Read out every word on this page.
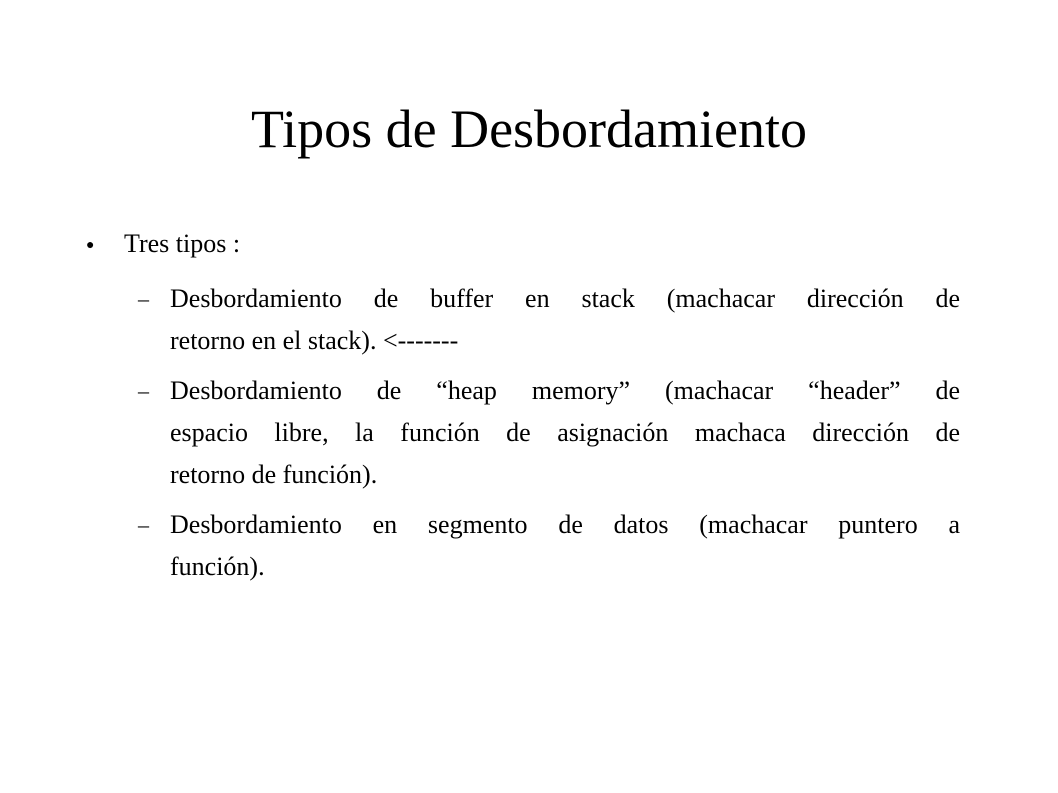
Tipos de Desbordamiento
●	Tres tipos :
– Desbordamiento de buffer en stack (machacar dirección de
retorno en el stack). <-------
– Desbordamiento de “heap memory” (machacar “header” de
espacio libre, la función de asignación machaca dirección de
retorno de función).
– Desbordamiento en segmento de datos (machacar puntero a
función).
